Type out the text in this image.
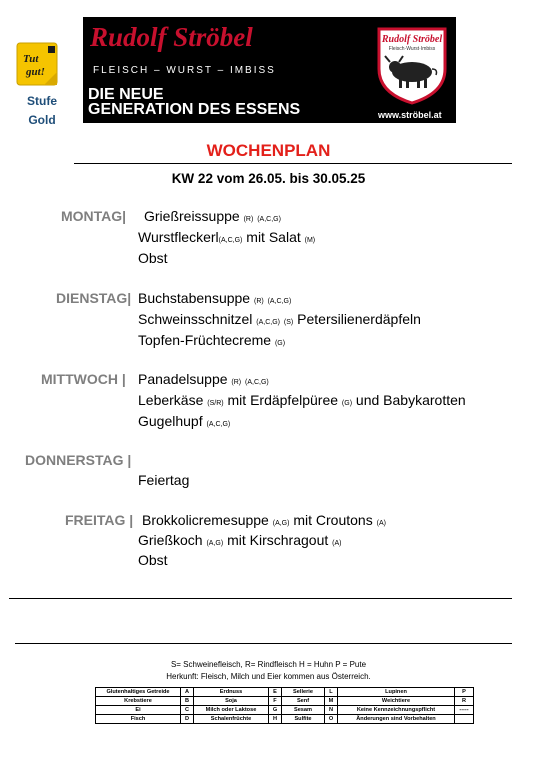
Tut
gut!
Stufe
Gold
Rudolf Ströbel
FLEISCH – WURST – IMBISS
DIE NEUE
GENERATION DES ESSENS
Rudolf Ströbel
Fleisch·Wurst·Imbiss
www.ströbel.at
WOCHENPLAN
KW 22 vom 26.05. bis 30.05.25
MONTAG| Grießreissuppe (R) (A,C,G)
Wurstfleckerl(A,C,G) mit Salat (M)
Obst
DIENSTAG| Buchstabensuppe (R) (A,C,G)
Schweinsschnitzel (A,C,G) (S) Petersilienerdäpfeln
Topfen-Früchtecreme (G)
MITTWOCH | Panadelsuppe (R) (A,C,G)
Leberkäse (S/R) mit Erdäpfelpüree (G) und Babykarotten
Gugelhupf (A,C,G)
DONNERSTAG |
Feiertag
FREITAG | Brokkolicremesuppe (A,G) mit Croutons (A)
Grießkoch (A,G) mit Kirschragout (A)
Obst
S= Schweinefleisch, R= Rindfleisch H = Huhn P = Pute
Herkunft: Fleisch, Milch und Eier kommen aus Österreich.
Glutenhaltiges Getreide	A	Erdnuss	E	Sellerie	L	Lupinen	P
Krebstiere	B	Soja	F	Senf	M	Weichtiere	R
Ei	C	Milch oder Laktose	G	Sesam	N	Keine Kennzeichnungspflicht	-----
Fisch	D	Schalenfrüchte	H	Sulfite	O	Änderungen sind Vorbehalten	
